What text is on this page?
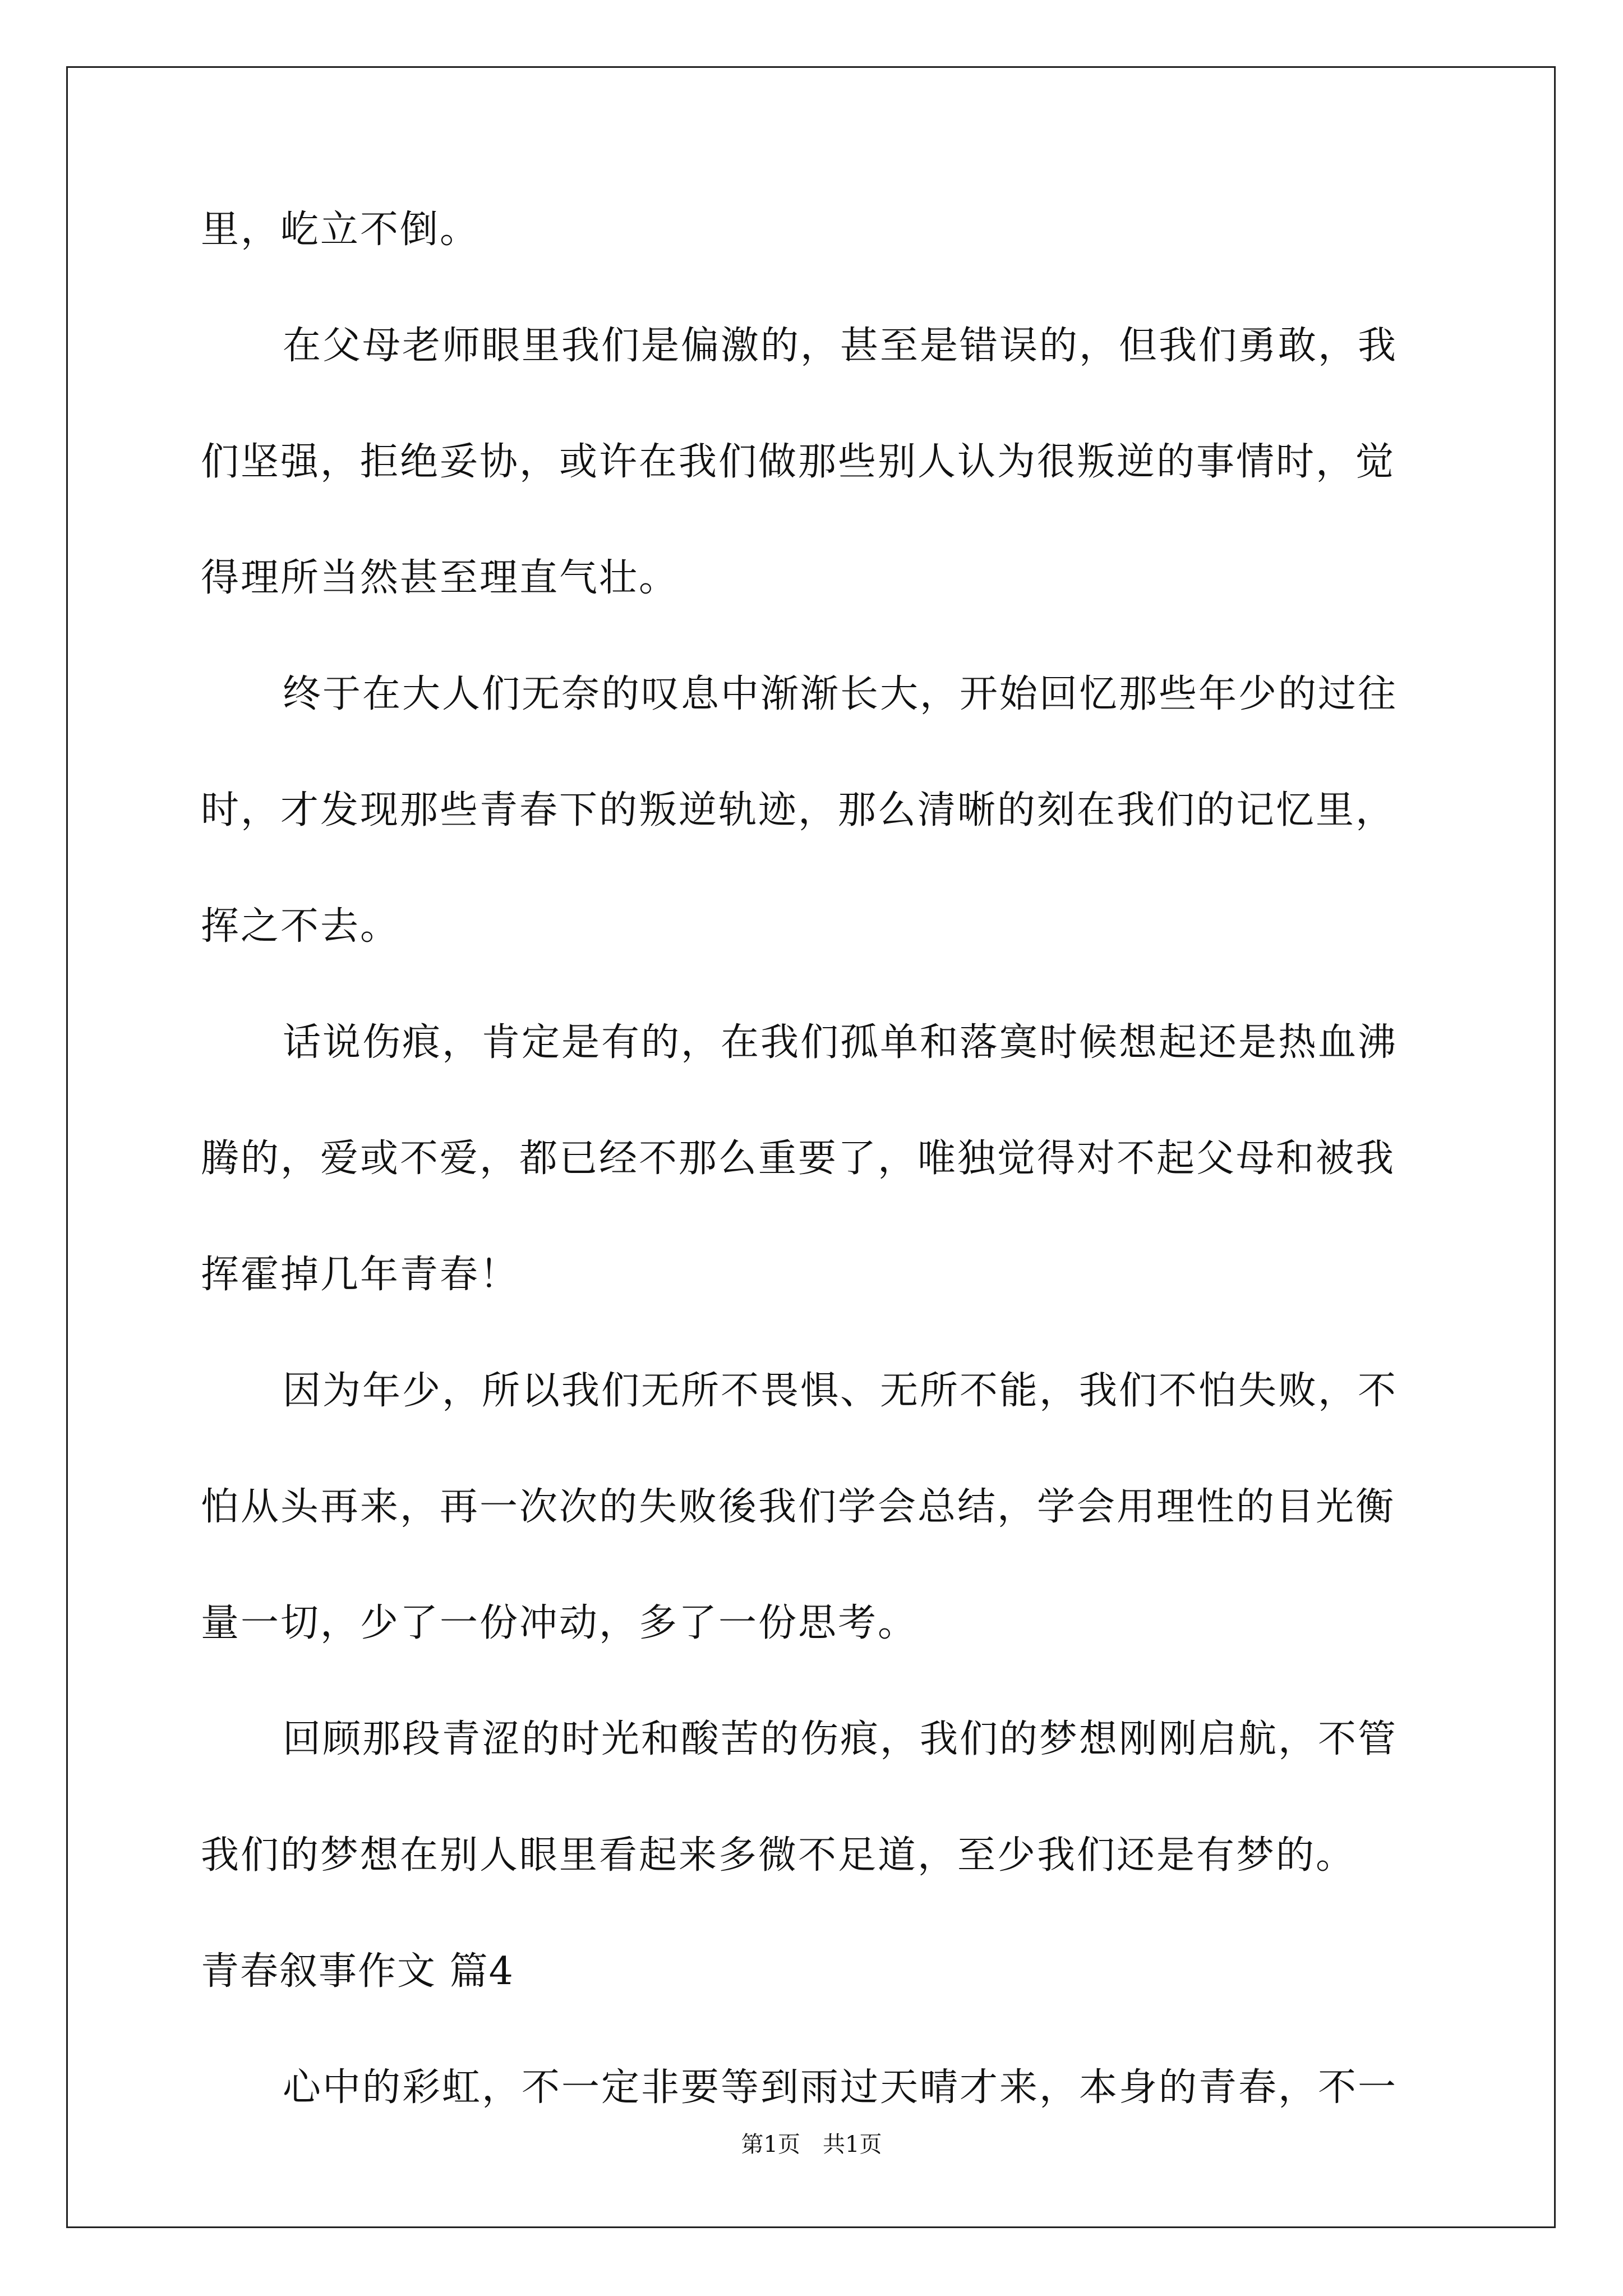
里，屹立不倒。
在父母老师眼里我们是偏激的，甚至是错误的，但我们勇敢，我
们坚强，拒绝妥协，或许在我们做那些别人认为很叛逆的事情时，觉
得理所当然甚至理直气壮。
终于在大人们无奈的叹息中渐渐长大，开始回忆那些年少的过往
时，才发现那些青春下的叛逆轨迹，那么清晰的刻在我们的记忆里，
挥之不去。
话说伤痕，肯定是有的，在我们孤单和落寞时候想起还是热血沸
腾的，爱或不爱，都已经不那么重要了，唯独觉得对不起父母和被我
挥霍掉几年青春！
因为年少，所以我们无所不畏惧、无所不能，我们不怕失败，不
怕从头再来，再一次次的失败後我们学会总结，学会用理性的目光衡
量一切，少了一份冲动，多了一份思考。
回顾那段青涩的时光和酸苦的伤痕，我们的梦想刚刚启航，不管
我们的梦想在别人眼里看起来多微不足道，至少我们还是有梦的。
青春叙事作文 篇4
心中的彩虹，不一定非要等到雨过天晴才来，本身的青春，不一
第1页　共1页
